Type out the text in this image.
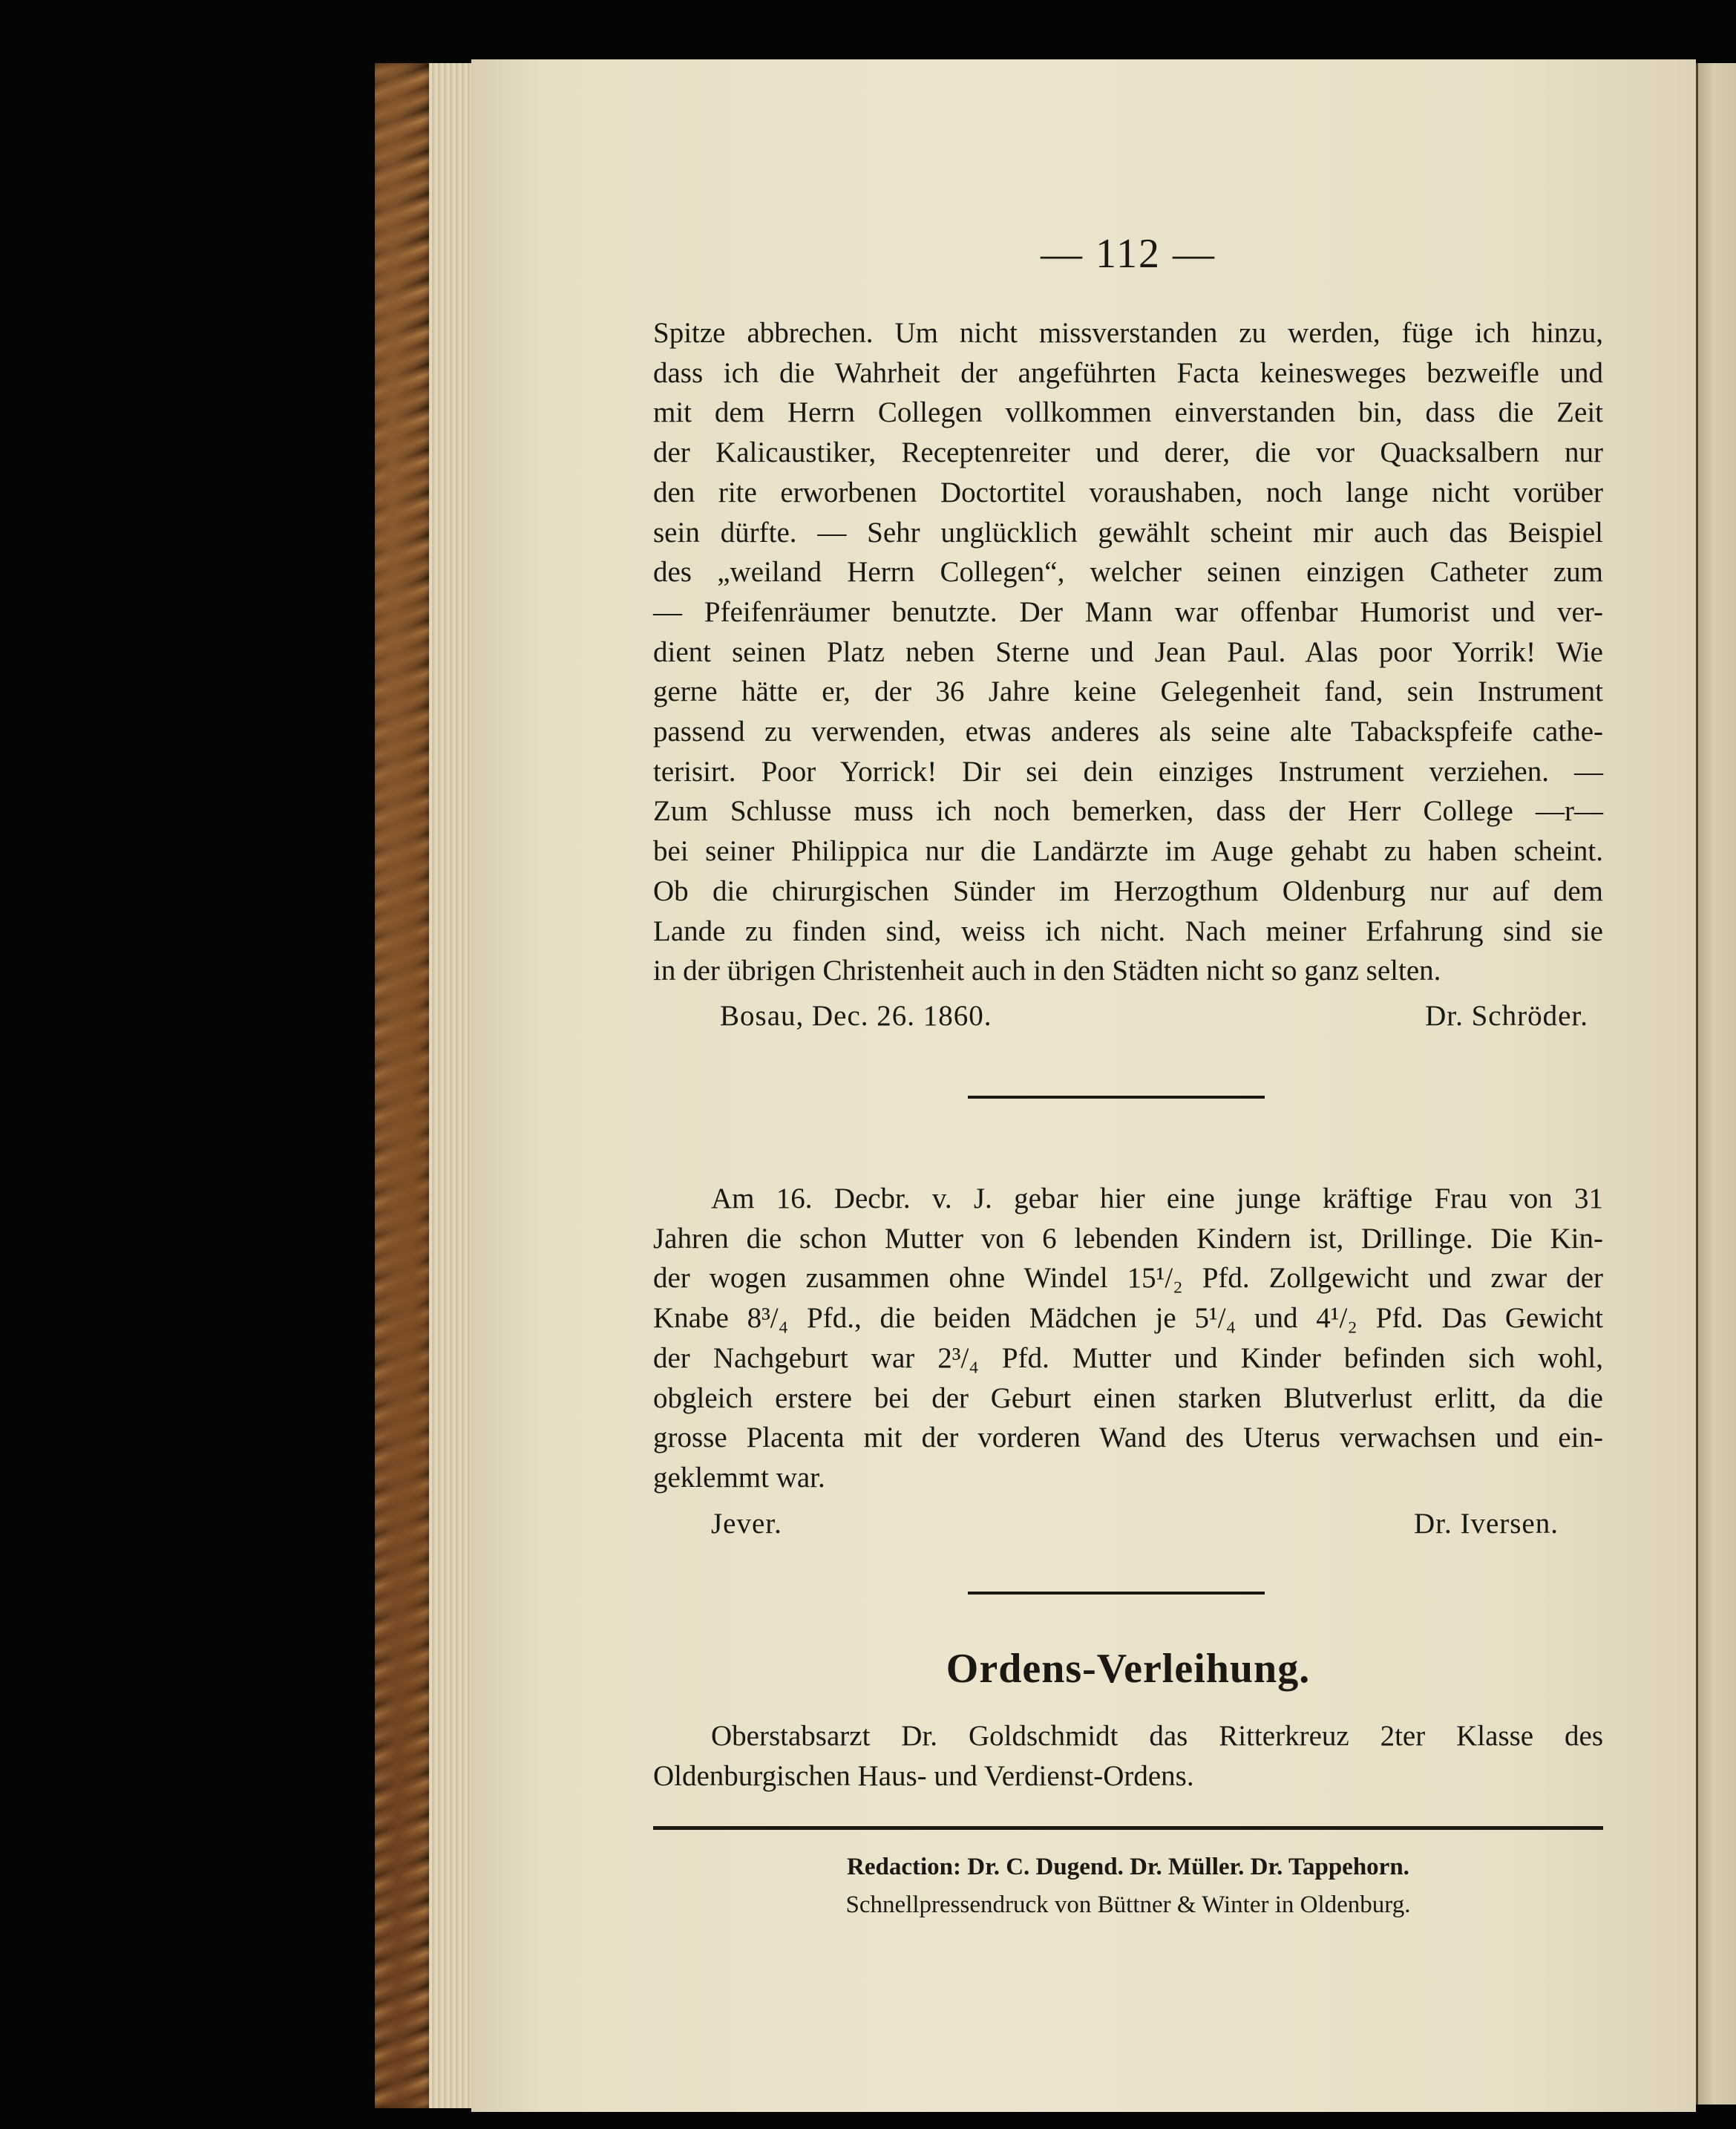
— 112 —
Spitze abbrechen. Um nicht missverstanden zu werden, füge ich hinzu,
dass ich die Wahrheit der angeführten Facta keinesweges bezweifle und
mit dem Herrn Collegen vollkommen einverstanden bin, dass die Zeit
der Kalicaustiker, Receptenreiter und derer, die vor Quacksalbern nur
den rite erworbenen Doctortitel voraushaben, noch lange nicht vorüber
sein dürfte. — Sehr unglücklich gewählt scheint mir auch das Beispiel
des „weiland Herrn Collegen“, welcher seinen einzigen Catheter zum
— Pfeifenräumer benutzte. Der Mann war offenbar Humorist und ver-
dient seinen Platz neben Sterne und Jean Paul. Alas poor Yorrik! Wie
gerne hätte er, der 36 Jahre keine Gelegenheit fand, sein Instrument
passend zu verwenden, etwas anderes als seine alte Tabackspfeife cathe-
terisirt. Poor Yorrick! Dir sei dein einziges Instrument verziehen. —
Zum Schlusse muss ich noch bemerken, dass der Herr College —r—
bei seiner Philippica nur die Landärzte im Auge gehabt zu haben scheint.
Ob die chirurgischen Sünder im Herzogthum Oldenburg nur auf dem
Lande zu finden sind, weiss ich nicht. Nach meiner Erfahrung sind sie
in der übrigen Christenheit auch in den Städten nicht so ganz selten.
Bosau, Dec. 26. 1860.	Dr. Schröder.
Am 16. Decbr. v. J. gebar hier eine junge kräftige Frau von 31
Jahren die schon Mutter von 6 lebenden Kindern ist, Drillinge. Die Kin-
der wogen zusammen ohne Windel 15¹/₂ Pfd. Zollgewicht und zwar der
Knabe 8³/₄ Pfd., die beiden Mädchen je 5¹/₄ und 4¹/₂ Pfd. Das Gewicht
der Nachgeburt war 2³/₄ Pfd. Mutter und Kinder befinden sich wohl,
obgleich erstere bei der Geburt einen starken Blutverlust erlitt, da die
grosse Placenta mit der vorderen Wand des Uterus verwachsen und ein-
geklemmt war.
Jever.	Dr. Iversen.
Ordens-Verleihung.
Oberstabsarzt Dr. Goldschmidt das Ritterkreuz 2ter Klasse des
Oldenburgischen Haus- und Verdienst-Ordens.
Redaction: Dr. C. Dugend. Dr. Müller. Dr. Tappehorn.
Schnellpressendruck von Büttner & Winter in Oldenburg.
